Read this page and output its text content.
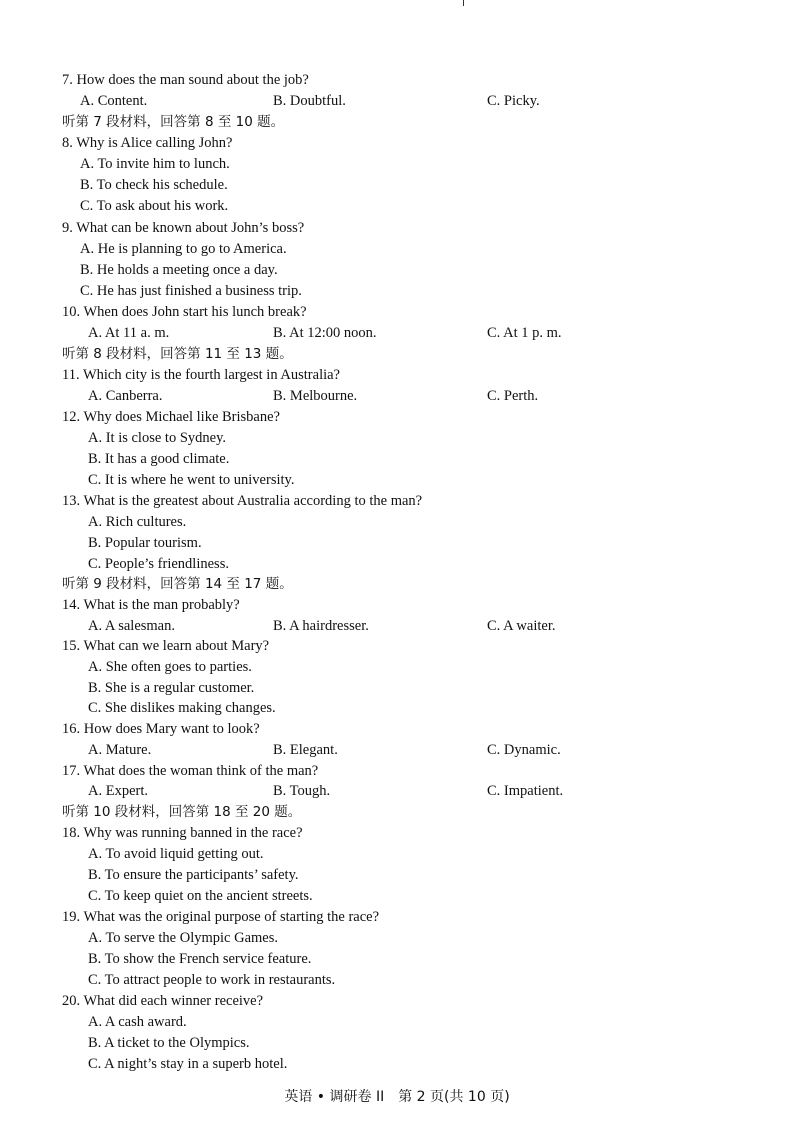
7. How does the man sound about the job?
A. Content.	B. Doubtful.	C. Picky.
听第 7 段材料，回答第 8 至 10 题。
8. Why is Alice calling John?
A. To invite him to lunch.
B. To check his schedule.
C. To ask about his work.
9. What can be known about John’s boss?
A. He is planning to go to America.
B. He holds a meeting once a day.
C. He has just finished a business trip.
10. When does John start his lunch break?
A. At 11 a. m.	B. At 12:00 noon.	C. At 1 p. m.
听第 8 段材料，回答第 11 至 13 题。
11. Which city is the fourth largest in Australia?
A. Canberra.	B. Melbourne.	C. Perth.
12. Why does Michael like Brisbane?
A. It is close to Sydney.
B. It has a good climate.
C. It is where he went to university.
13. What is the greatest about Australia according to the man?
A. Rich cultures.
B. Popular tourism.
C. People’s friendliness.
听第 9 段材料，回答第 14 至 17 题。
14. What is the man probably?
A. A salesman.	B. A hairdresser.	C. A waiter.
15. What can we learn about Mary?
A. She often goes to parties.
B. She is a regular customer.
C. She dislikes making changes.
16. How does Mary want to look?
A. Mature.	B. Elegant.	C. Dynamic.
17. What does the woman think of the man?
A. Expert.	B. Tough.	C. Impatient.
听第 10 段材料，回答第 18 至 20 题。
18. Why was running banned in the race?
A. To avoid liquid getting out.
B. To ensure the participants’ safety.
C. To keep quiet on the ancient streets.
19. What was the original purpose of starting the race?
A. To serve the Olympic Games.
B. To show the French service feature.
C. To attract people to work in restaurants.
20. What did each winner receive?
A. A cash award.
B. A ticket to the Olympics.
C. A night’s stay in a superb hotel.
英语 • 调研卷 II　第 2 页(共 10 页)
